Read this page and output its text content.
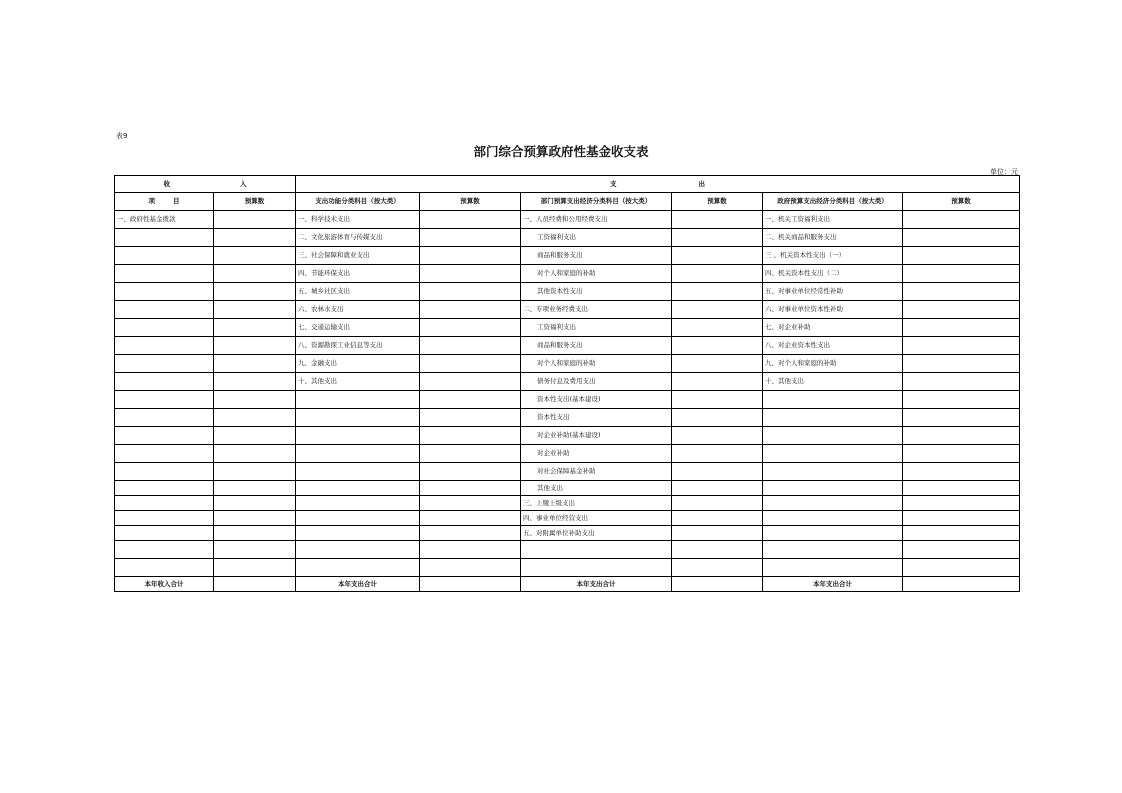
表9
部门综合预算政府性基金收支表
单位：元
收 入		支 出					

项 目	预算数	支出功能分类科目（按大类）	预算数	部门预算支出经济分类科目（按大类）	预算数	政府预算支出经济分类科目（按大类）	预算数
一、政府性基金拨款		一、科学技术支出		一、人员经费和公用经费支出		一、机关工资福利支出	
		二、文化旅游体育与传媒支出		工资福利支出		二、机关商品和服务支出	
		三、社会保障和就业支出		商品和服务支出		三 、机关资本性支出（一）	
		四、节能环保支出		对个人和家庭的补助		四、机关资本性支出（二）	
		五、城乡社区支出		其他资本性支出		五、对事业单位经常性补助	
		六、农林水支出		二、专项业务经费支出		六、对事业单位资本性补助	
		七、交通运输支出		工资福利支出		七、对企业补助	
		八、资源勘探工业信息等支出		商品和服务支出		八、对企业资本性支出	
		九、金融支出		对个人和家庭的补助		九、对个人和家庭的补助	
		十、其他支出		债务付息及费用支出		十、其他支出	
				资本性支出(基本建设)			
				资本性支出			
				对企业补助(基本建设)			
				对企业补助			
				对社会保障基金补助			
				其他支出			
				三、上缴上级支出			
				四、事业单位经营支出			
				五、对附属单位补助支出			

本年收入合计		本年支出合计		本年支出合计		本年支出合计	
